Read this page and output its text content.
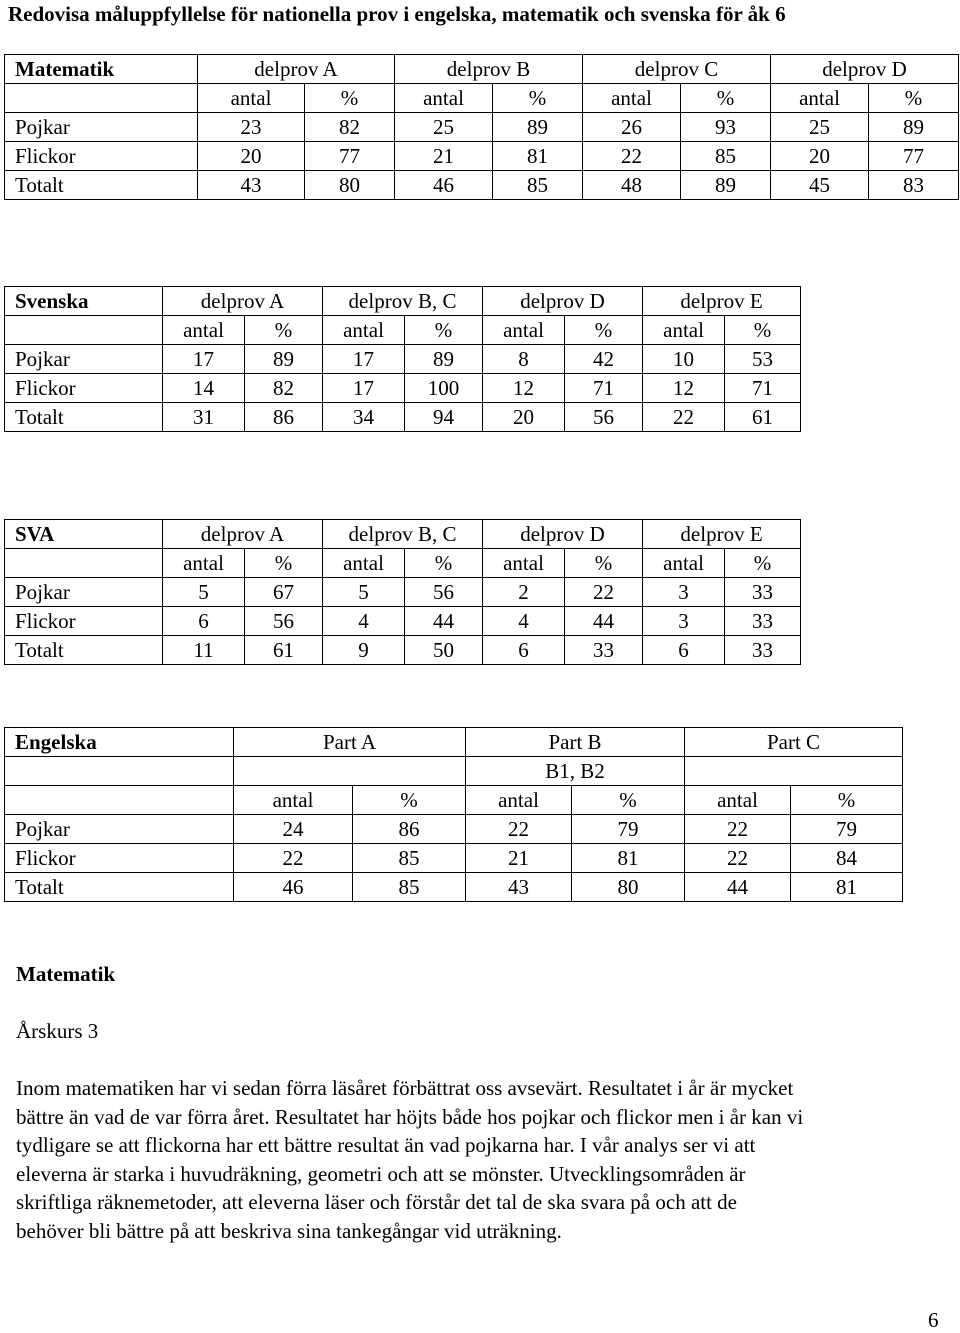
Redovisa måluppfyllelse för nationella prov i engelska, matematik och svenska för åk 6
Matematik	delprov A		delprov B		delprov C		delprov D	
	antal	%	antal	%	antal	%	antal	%
Pojkar	23	82	25	89	26	93	25	89
Flickor	20	77	21	81	22	85	20	77
Totalt	43	80	46	85	48	89	45	83
Svenska	delprov A		delprov B, C		delprov D		delprov E	
	antal	%	antal	%	antal	%	antal	%
Pojkar	17	89	17	89	8	42	10	53
Flickor	14	82	17	100	12	71	12	71
Totalt	31	86	34	94	20	56	22	61
SVA	delprov A		delprov B, C		delprov D		delprov E	
	antal	%	antal	%	antal	%	antal	%
Pojkar	5	67	5	56	2	22	3	33
Flickor	6	56	4	44	4	44	3	33
Totalt	11	61	9	50	6	33	6	33
Engelska	Part A		Part B		Part C	
			B1, B2			
	antal	%	antal	%	antal	%
Pojkar	24	86	22	79	22	79
Flickor	22	85	21	81	22	84
Totalt	46	85	43	80	44	81
Matematik
Årskurs 3
Inom matematiken har vi sedan förra läsåret förbättrat oss avsevärt. Resultatet i år är mycket
bättre än vad de var förra året. Resultatet har höjts både hos pojkar och flickor men i år kan vi
tydligare se att flickorna har ett bättre resultat än vad pojkarna har. I vår analys ser vi att
eleverna är starka i huvudräkning, geometri och att se mönster. Utvecklingsområden är
skriftliga räknemetoder, att eleverna läser och förstår det tal de ska svara på och att de
behöver bli bättre på att beskriva sina tankegångar vid uträkning.
6
